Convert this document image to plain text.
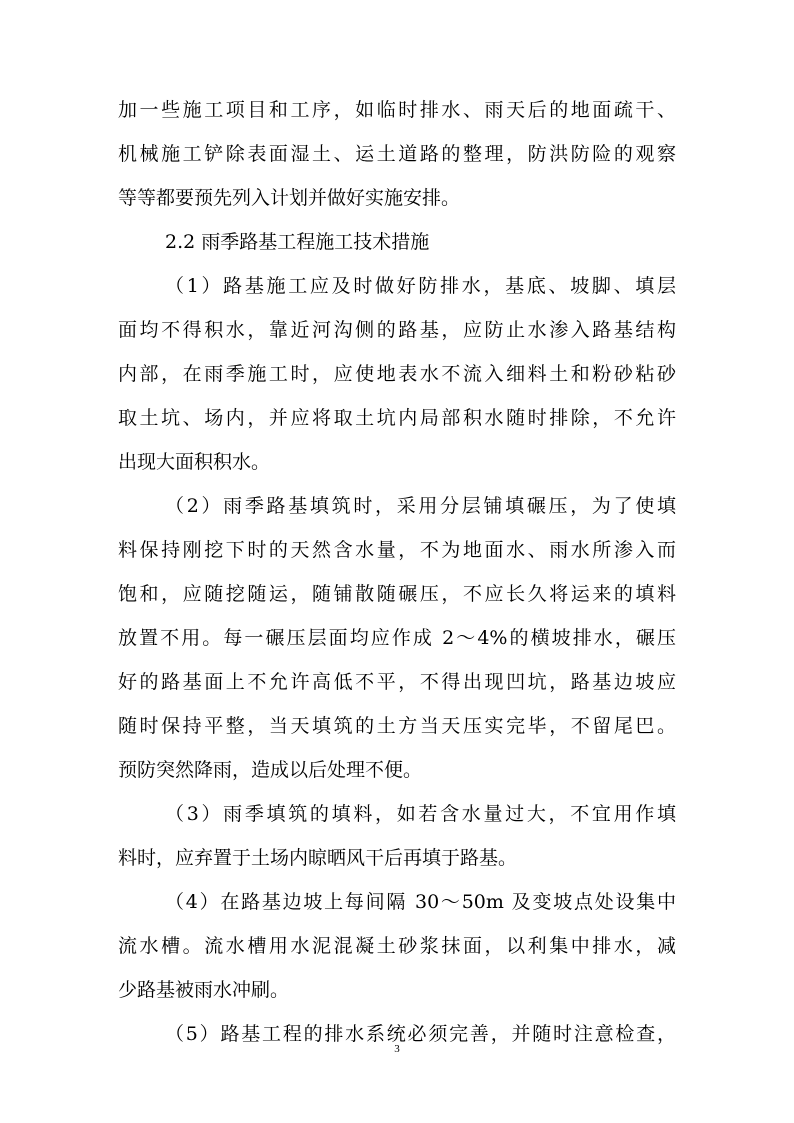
加一些施工项目和工序，如临时排水、雨天后的地面疏干、
机械施工铲除表面湿土、运土道路的整理，防洪防险的观察
等等都要预先列入计划并做好实施安排。
2.2 雨季路基工程施工技术措施
（1）路基施工应及时做好防排水，基底、坡脚、填层
面均不得积水，靠近河沟侧的路基，应防止水渗入路基结构
内部，在雨季施工时，应使地表水不流入细料土和粉砂粘砂
取土坑、场内，并应将取土坑内局部积水随时排除，不允许
出现大面积积水。
（2）雨季路基填筑时，采用分层铺填碾压，为了使填
料保持刚挖下时的天然含水量，不为地面水、雨水所渗入而
饱和，应随挖随运，随铺散随碾压，不应长久将运来的填料
放置不用。每一碾压层面均应作成 2～4%的横坡排水，碾压
好的路基面上不允许高低不平，不得出现凹坑，路基边坡应
随时保持平整，当天填筑的土方当天压实完毕，不留尾巴。
预防突然降雨，造成以后处理不便。
（3）雨季填筑的填料，如若含水量过大，不宜用作填
料时，应弃置于土场内晾晒风干后再填于路基。
（4）在路基边坡上每间隔 30～50m 及变坡点处设集中
流水槽。流水槽用水泥混凝土砂浆抹面，以利集中排水，减
少路基被雨水冲刷。
（5）路基工程的排水系统必须完善，并随时注意检查，
3
